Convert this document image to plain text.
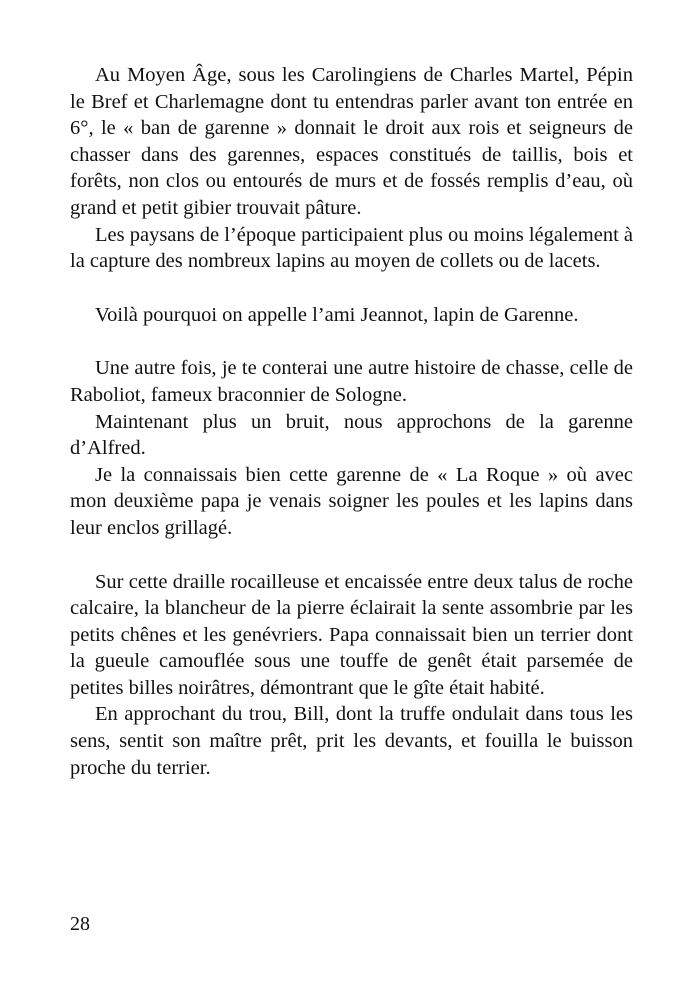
Au Moyen Âge, sous les Carolingiens de Charles Martel, Pépin le Bref et Charlemagne dont tu entendras parler avant ton entrée en 6°, le « ban de garenne » donnait le droit aux rois et seigneurs de chasser dans des garennes, espaces constitués de taillis, bois et forêts, non clos ou entourés de murs et de fossés remplis d’eau, où grand et petit gibier trouvait pâture.

Les paysans de l’époque participaient plus ou moins légalement à la capture des nombreux lapins au moyen de collets ou de lacets.

Voilà pourquoi on appelle l’ami Jeannot, lapin de Garenne.

Une autre fois, je te conterai une autre histoire de chasse, celle de Raboliot, fameux braconnier de Sologne.

Maintenant plus un bruit, nous approchons de la garenne d’Alfred.

Je la connaissais bien cette garenne de « La Roque » où avec mon deuxième papa je venais soigner les poules et les lapins dans leur enclos grillagé.

Sur cette draille rocailleuse et encaissée entre deux talus de roche calcaire, la blancheur de la pierre éclairait la sente assombrie par les petits chênes et les genévriers. Papa connaissait bien un terrier dont la gueule camouflée sous une touffe de genêt était parsemée de petites billes noirâtres, démontrant que le gîte était habité.

En approchant du trou, Bill, dont la truffe ondulait dans tous les sens, sentit son maître prêt, prit les devants, et fouilla le buisson proche du terrier.

28
